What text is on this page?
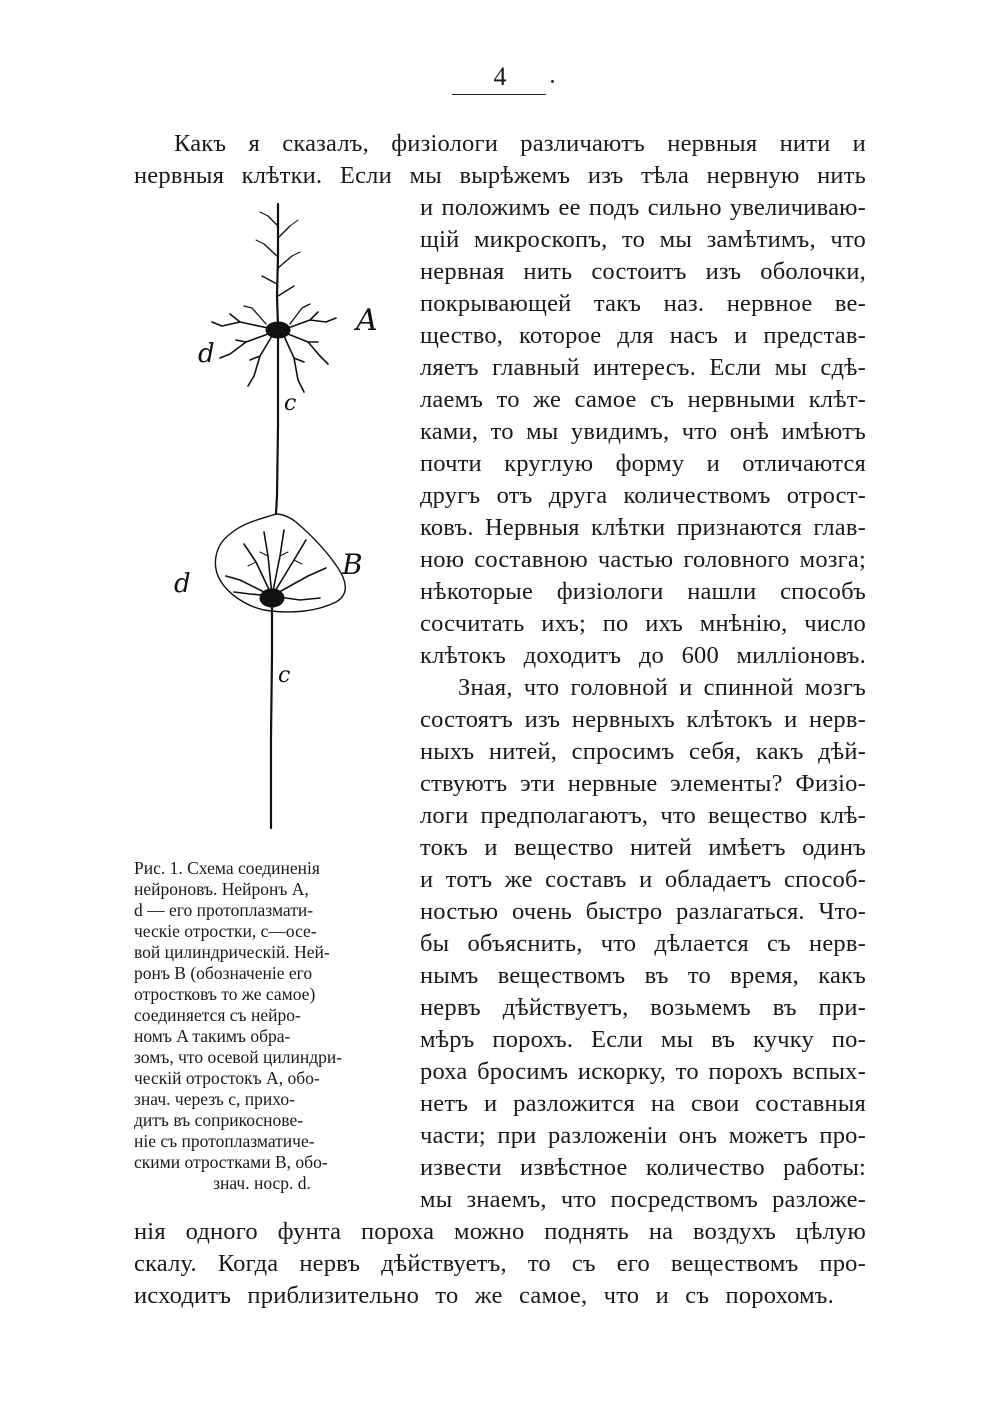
4
Какъ я сказалъ, физiологи различаютъ нервныя нити и
нервныя клѣтки. Если мы вырѣжемъ изъ тѣла нервную нить
и положимъ ее подъ сильно увеличиваю-
щiй микроскопъ, то мы замѣтимъ, что
нервная нить состоитъ изъ оболочки,
покрывающей такъ наз. нервное ве-
щество, которое для насъ и представ-
ляетъ главный интересъ. Если мы сдѣ-
лаемъ то же самое съ нервными клѣт-
ками, то мы увидимъ, что онѣ имѣютъ
почти круглую форму и отличаются
другъ отъ друга количествомъ отрост-
ковъ. Нервныя клѣтки признаются глав-
ною составною частью головного мозга;
нѣкоторые физiологи нашли способъ
сосчитать ихъ; по ихъ мнѣнiю, число
клѣтокъ доходитъ до 600 миллiоновъ.
Зная, что головной и спинной мозгъ
состоятъ изъ нервныхъ клѣтокъ и нерв-
ныхъ нитей, спросимъ себя, какъ дѣй-
ствуютъ эти нервные элементы? Физiо-
логи предполагаютъ, что вещество клѣ-
токъ и вещество нитей имѣетъ одинъ
и тотъ же составъ и обладаетъ способ-
ностью очень быстро разлагаться. Что-
бы объяснить, что дѣлается съ нерв-
нымъ веществомъ въ то время, какъ
нервъ дѣйствуетъ, возьмемъ въ при-
мѣръ порохъ. Если мы въ кучку по-
роха бросимъ искорку, то порохъ вспых-
нетъ и разложится на свои составныя
части; при разложенiи онъ можетъ про-
извести извѣстное количество работы:
мы знаемъ, что посредствомъ разложе-
нiя одного фунта пороха можно поднять на воздухъ цѣлую
скалу. Когда нервъ дѣйствуетъ, то съ его веществомъ про-
исходитъ приблизительно то же самое, что и съ порохомъ.
A
d
c
B
d
c
Рис. 1. Схема соединенiя
нейроновъ. Нейронъ A,
d — его протоплазмати-
ческiе отростки, c—осе-
вой цилиндрическiй. Ней-
ронъ B (обозначенiе его
отростковъ то же самое)
соединяется съ нейро-
номъ A такимъ обра-
зомъ, что осевой цилиндри-
ческiй отростокъ A, обо-
знач. черезъ c, прихо-
дитъ въ соприкосновe-
нiе съ протоплазматиче-
скими отростками B, обо-
знач. носр. d.
